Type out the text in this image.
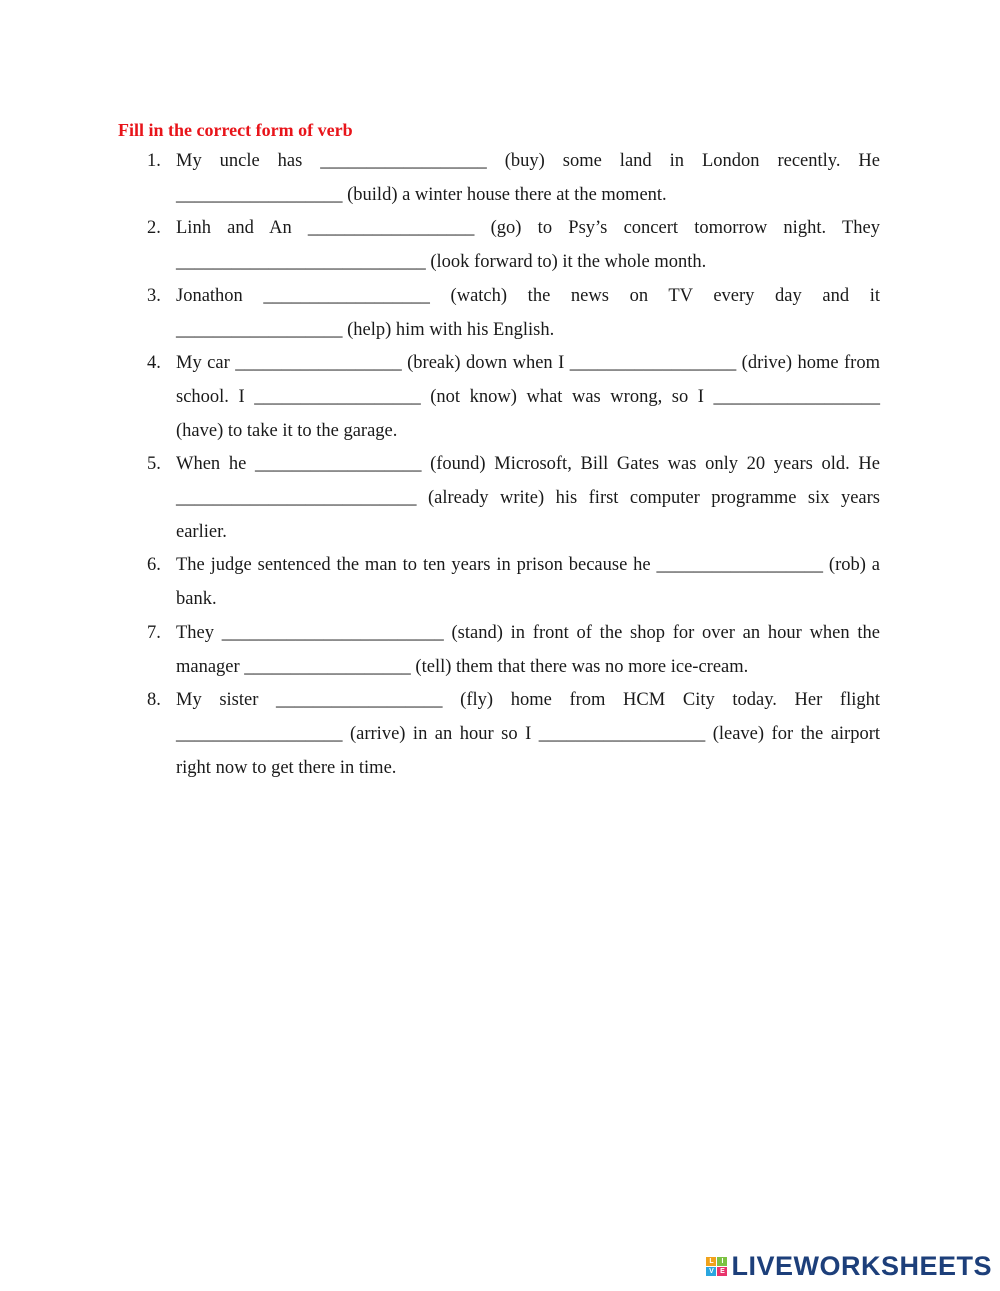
Fill in the correct form of verb
1. My uncle has __________________ (buy) some land in London recently. He __________________ (build) a winter house there at the moment.
2. Linh and An __________________ (go) to Psy’s concert tomorrow night. They ___________________________ (look forward to) it the whole month.
3. Jonathon __________________ (watch) the news on TV every day and it __________________ (help) him with his English.
4. My car __________________ (break) down when I __________________ (drive) home from school. I __________________ (not know) what was wrong, so I __________________ (have) to take it to the garage.
5. When he __________________ (found) Microsoft, Bill Gates was only 20 years old. He __________________________ (already write) his first computer programme six years earlier.
6. The judge sentenced the man to ten years in prison because he __________________ (rob) a bank.
7. They ________________________ (stand) in front of the shop for over an hour when the manager __________________ (tell) them that there was no more ice-cream.
8. My sister __________________ (fly) home from HCM City today. Her flight __________________ (arrive) in an hour so I __________________ (leave) for the airport right now to get there in time.
L	I
V E LIVEWORKSHEETS
